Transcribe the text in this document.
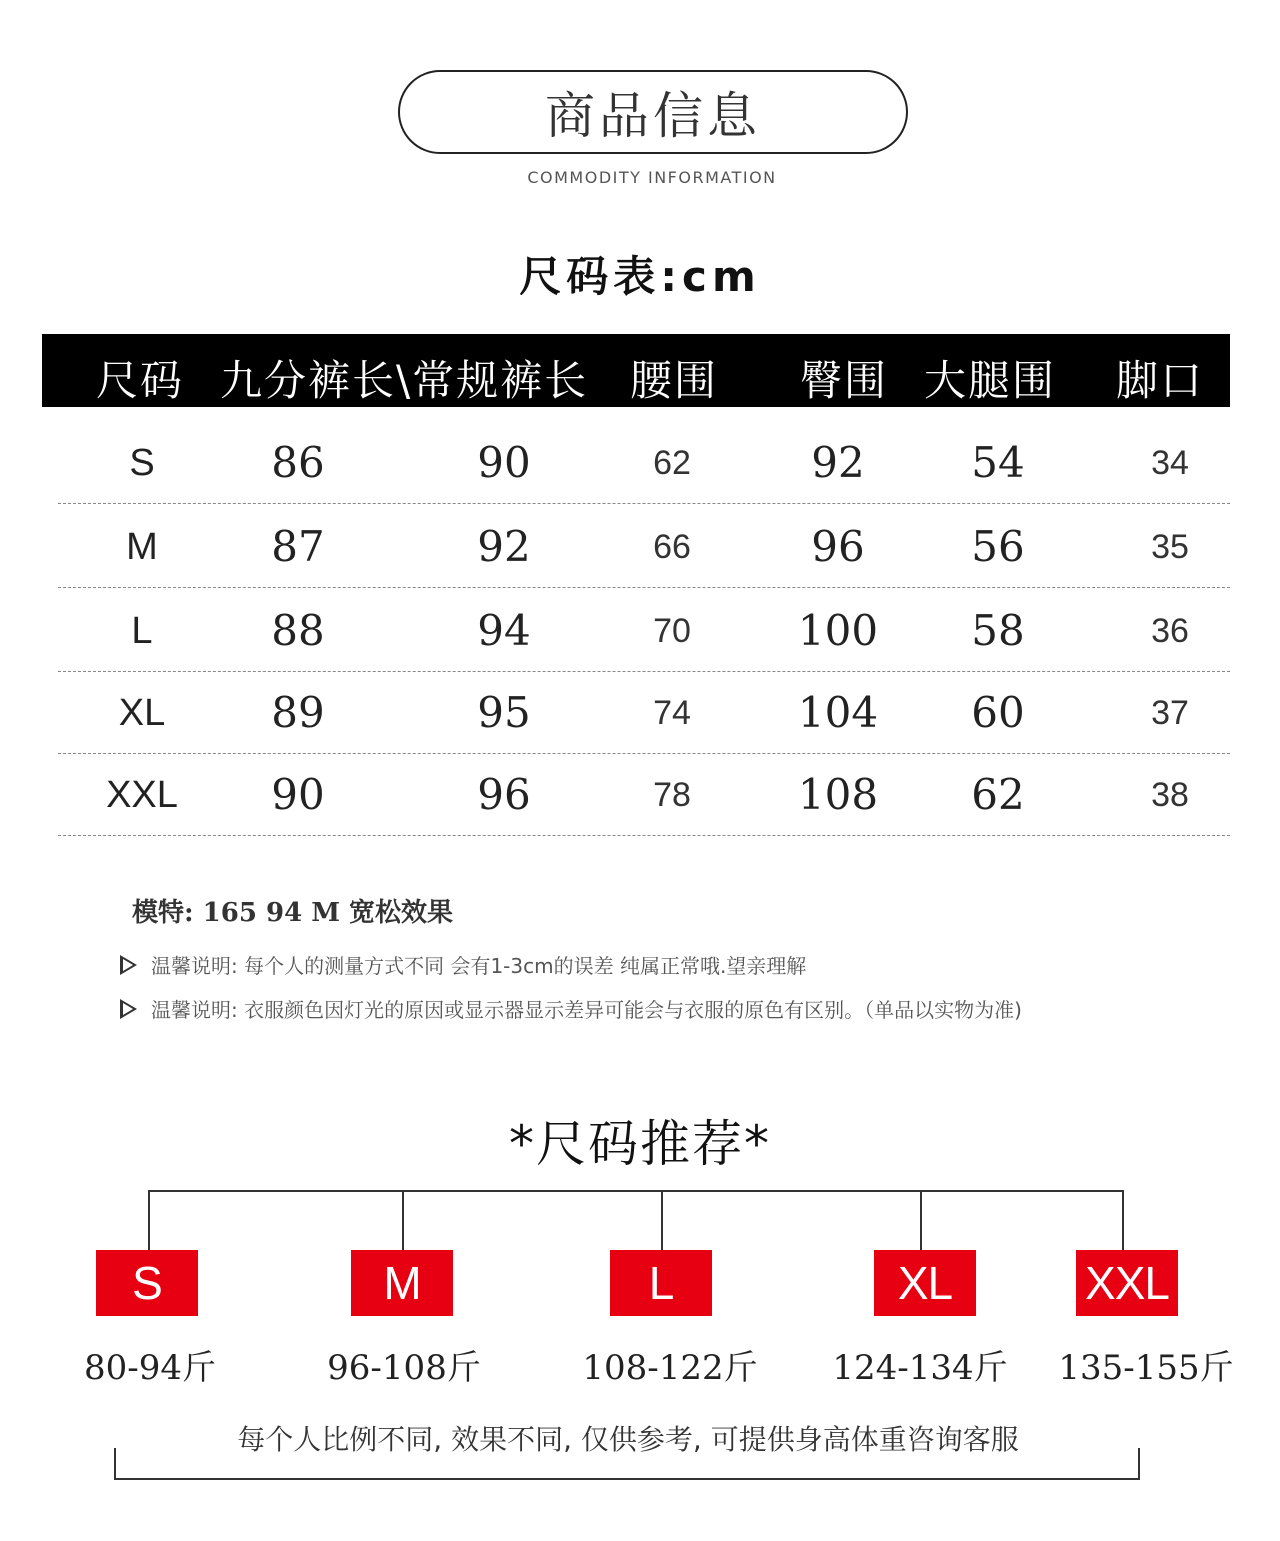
商品信息
COMMODITY INFORMATION
尺码表:cm
尺码 九分裤长\常规裤长 腰围 臀围 大腿围 脚口
S	86	90	62	92	54	34
M	87	92	66	96	56	35
L	88	94	70	100	58	36
XL	89	95	74	104	60	37
XXL	90	96	78	108	62	38
模特: 165 94 M 宽松效果
温馨说明: 每个人的测量方式不同 会有1-3cm的误差 纯属正常哦.望亲理解
温馨说明: 衣服颜色因灯光的原因或显示器显示差异可能会与衣服的原色有区别。（单品以实物为准)
*尺码推荐*
S	M	L	XL	XXL
80-94斤	96-108斤	108-122斤	124-134斤	135-155斤
每个人比例不同, 效果不同, 仅供参考, 可提供身高体重咨询客服
